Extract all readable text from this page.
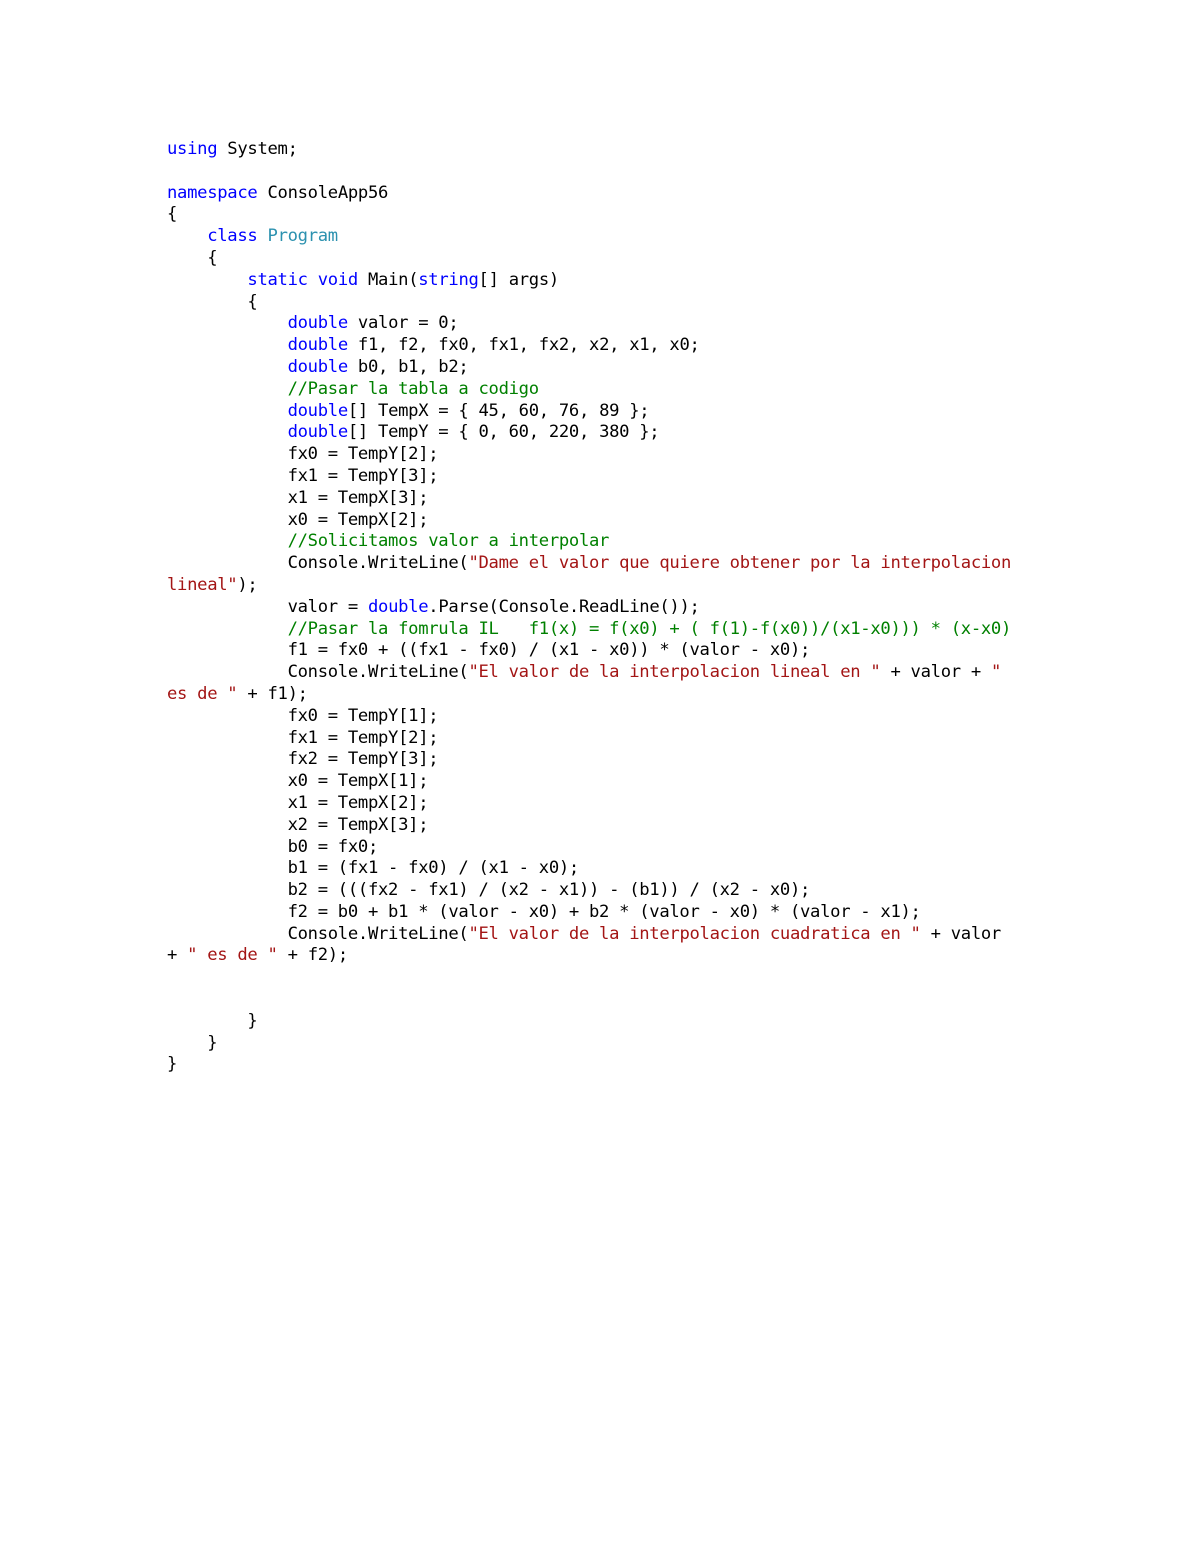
using System;

namespace ConsoleApp56
{
class Program
{
static void Main(string[] args)
{
double valor = 0;
double f1, f2, fx0, fx1, fx2, x2, x1, x0;
double b0, b1, b2;
//Pasar la tabla a codigo
double[] TempX = { 45, 60, 76, 89 };
double[] TempY = { 0, 60, 220, 380 };
fx0 = TempY[2];
fx1 = TempY[3];
x1 = TempX[3];
x0 = TempX[2];
//Solicitamos valor a interpolar
Console.WriteLine("Dame el valor que quiere obtener por la interpolacion
lineal");
valor = double.Parse(Console.ReadLine());
//Pasar la fomrula IL   f1(x) = f(x0) + ( f(1)-f(x0))/(x1-x0))) * (x-x0)
f1 = fx0 + ((fx1 - fx0) / (x1 - x0)) * (valor - x0);
Console.WriteLine("El valor de la interpolacion lineal en " + valor + "
es de " + f1);
fx0 = TempY[1];
fx1 = TempY[2];
fx2 = TempY[3];
x0 = TempX[1];
x1 = TempX[2];
x2 = TempX[3];
b0 = fx0;
b1 = (fx1 - fx0) / (x1 - x0);
b2 = (((fx2 - fx1) / (x2 - x1)) - (b1)) / (x2 - x0);
f2 = b0 + b1 * (valor - x0) + b2 * (valor - x0) * (valor - x1);
Console.WriteLine("El valor de la interpolacion cuadratica en " + valor
+ " es de " + f2);

}
}
}
